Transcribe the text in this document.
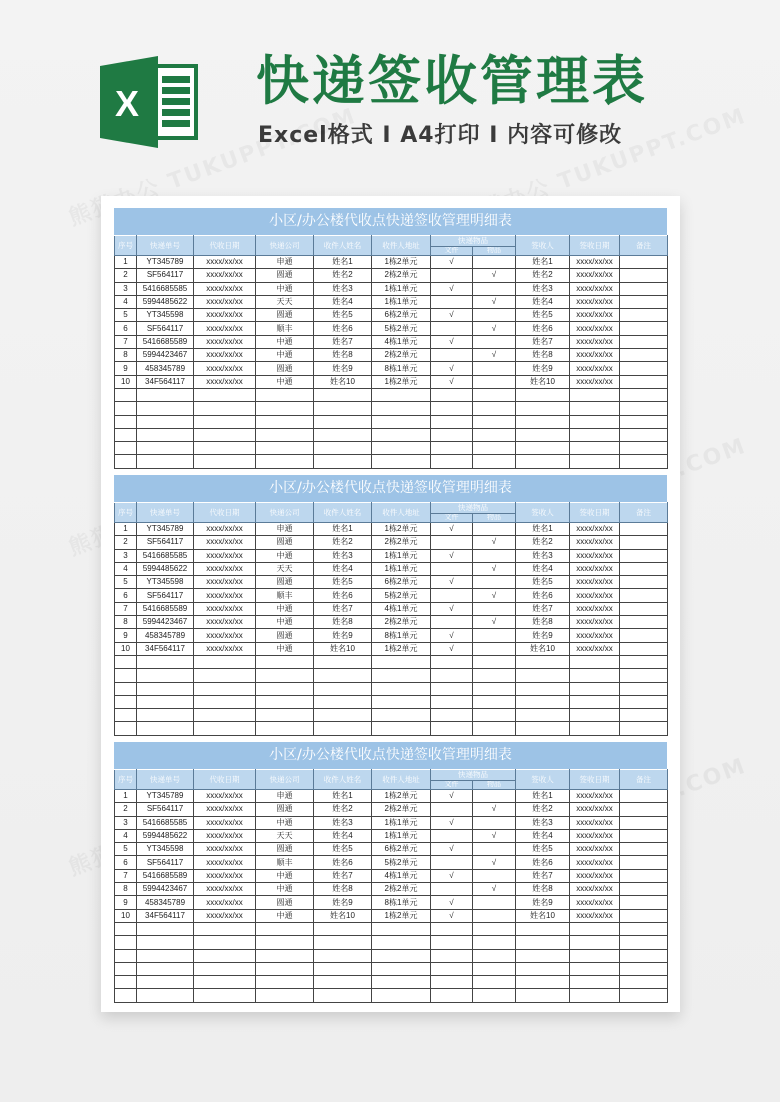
X 快递签收管理表
Excel格式 I A4打印 I 内容可修改
小区/办公楼代收点快递签收管理明细表
序号	快递单号	代收日期	快递公司	收件人姓名	收件人地址	快递物品		签收人	签收日期	备注
						文件	物品			
1	YT345789	xxxx/xx/xx	申通	姓名1	1栋2单元	√		姓名1	xxxx/xx/xx	
2	SF564117	xxxx/xx/xx	圆通	姓名2	2栋2单元		√	姓名2	xxxx/xx/xx	
3	5416685585	xxxx/xx/xx	中通	姓名3	1栋1单元	√		姓名3	xxxx/xx/xx	
4	5994485622	xxxx/xx/xx	天天	姓名4	1栋1单元		√	姓名4	xxxx/xx/xx	
5	YT345598	xxxx/xx/xx	圆通	姓名5	6栋2单元	√		姓名5	xxxx/xx/xx	
6	SF564117	xxxx/xx/xx	顺丰	姓名6	5栋2单元		√	姓名6	xxxx/xx/xx	
7	5416685589	xxxx/xx/xx	中通	姓名7	4栋1单元	√		姓名7	xxxx/xx/xx	
8	5994423467	xxxx/xx/xx	中通	姓名8	2栋2单元		√	姓名8	xxxx/xx/xx	
9	458345789	xxxx/xx/xx	圆通	姓名9	8栋1单元	√		姓名9	xxxx/xx/xx	
10	34F564117	xxxx/xx/xx	中通	姓名10	1栋2单元	√		姓名10	xxxx/xx/xx	

小区/办公楼代收点快递签收管理明细表
序号	快递单号	代收日期	快递公司	收件人姓名	收件人地址	快递物品		签收人	签收日期	备注
						文件	物品			
1	YT345789	xxxx/xx/xx	申通	姓名1	1栋2单元	√		姓名1	xxxx/xx/xx	
2	SF564117	xxxx/xx/xx	圆通	姓名2	2栋2单元		√	姓名2	xxxx/xx/xx	
3	5416685585	xxxx/xx/xx	中通	姓名3	1栋1单元	√		姓名3	xxxx/xx/xx	
4	5994485622	xxxx/xx/xx	天天	姓名4	1栋1单元		√	姓名4	xxxx/xx/xx	
5	YT345598	xxxx/xx/xx	圆通	姓名5	6栋2单元	√		姓名5	xxxx/xx/xx	
6	SF564117	xxxx/xx/xx	顺丰	姓名6	5栋2单元		√	姓名6	xxxx/xx/xx	
7	5416685589	xxxx/xx/xx	中通	姓名7	4栋1单元	√		姓名7	xxxx/xx/xx	
8	5994423467	xxxx/xx/xx	中通	姓名8	2栋2单元		√	姓名8	xxxx/xx/xx	
9	458345789	xxxx/xx/xx	圆通	姓名9	8栋1单元	√		姓名9	xxxx/xx/xx	
10	34F564117	xxxx/xx/xx	中通	姓名10	1栋2单元	√		姓名10	xxxx/xx/xx	

小区/办公楼代收点快递签收管理明细表
序号	快递单号	代收日期	快递公司	收件人姓名	收件人地址	快递物品		签收人	签收日期	备注
						文件	物品			
1	YT345789	xxxx/xx/xx	申通	姓名1	1栋2单元	√		姓名1	xxxx/xx/xx	
2	SF564117	xxxx/xx/xx	圆通	姓名2	2栋2单元		√	姓名2	xxxx/xx/xx	
3	5416685585	xxxx/xx/xx	中通	姓名3	1栋1单元	√		姓名3	xxxx/xx/xx	
4	5994485622	xxxx/xx/xx	天天	姓名4	1栋1单元		√	姓名4	xxxx/xx/xx	
5	YT345598	xxxx/xx/xx	圆通	姓名5	6栋2单元	√		姓名5	xxxx/xx/xx	
6	SF564117	xxxx/xx/xx	顺丰	姓名6	5栋2单元		√	姓名6	xxxx/xx/xx	
7	5416685589	xxxx/xx/xx	中通	姓名7	4栋1单元	√		姓名7	xxxx/xx/xx	
8	5994423467	xxxx/xx/xx	中通	姓名8	2栋2单元		√	姓名8	xxxx/xx/xx	
9	458345789	xxxx/xx/xx	圆通	姓名9	8栋1单元	√		姓名9	xxxx/xx/xx	
10	34F564117	xxxx/xx/xx	中通	姓名10	1栋2单元	√		姓名10	xxxx/xx/xx	
